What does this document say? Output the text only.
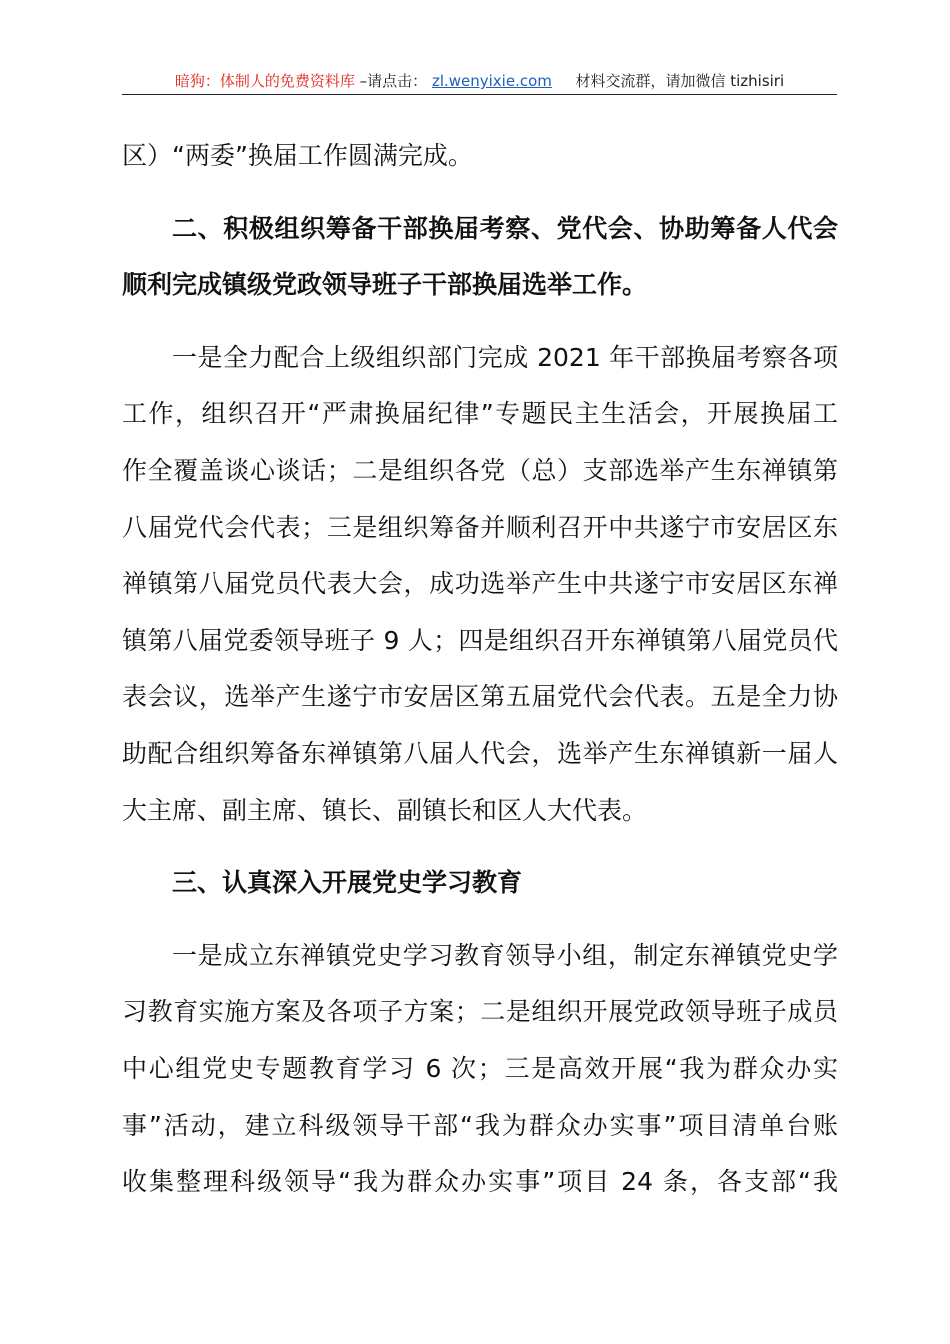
暗狗：体制人的免费资料库 –请点击： zl.wenyixie.com 材料交流群，请加微信 tizhisiri
区）“两委”换届工作圆满完成。
二、积极组织筹备干部换届考察、党代会、协助筹备人代会
顺利完成镇级党政领导班子干部换届选举工作。
一是全力配合上级组织部门完成 2021 年干部换届考察各项
工作，组织召开“严肃换届纪律”专题民主生活会，开展换届工
作全覆盖谈心谈话；二是组织各党（总）支部选举产生东禅镇第
八届党代会代表；三是组织筹备并顺利召开中共遂宁市安居区东
禅镇第八届党员代表大会，成功选举产生中共遂宁市安居区东禅
镇第八届党委领导班子 9 人；四是组织召开东禅镇第八届党员代
表会议，选举产生遂宁市安居区第五届党代会代表。五是全力协
助配合组织筹备东禅镇第八届人代会，选举产生东禅镇新一届人
大主席、副主席、镇长、副镇长和区人大代表。
三、认真深入开展党史学习教育
一是成立东禅镇党史学习教育领导小组，制定东禅镇党史学
习教育实施方案及各项子方案；二是组织开展党政领导班子成员
中心组党史专题教育学习 6 次；三是高效开展“我为群众办实
事”活动，建立科级领导干部“我为群众办实事”项目清单台账
收集整理科级领导“我为群众办实事”项目 24 条，各支部“我
